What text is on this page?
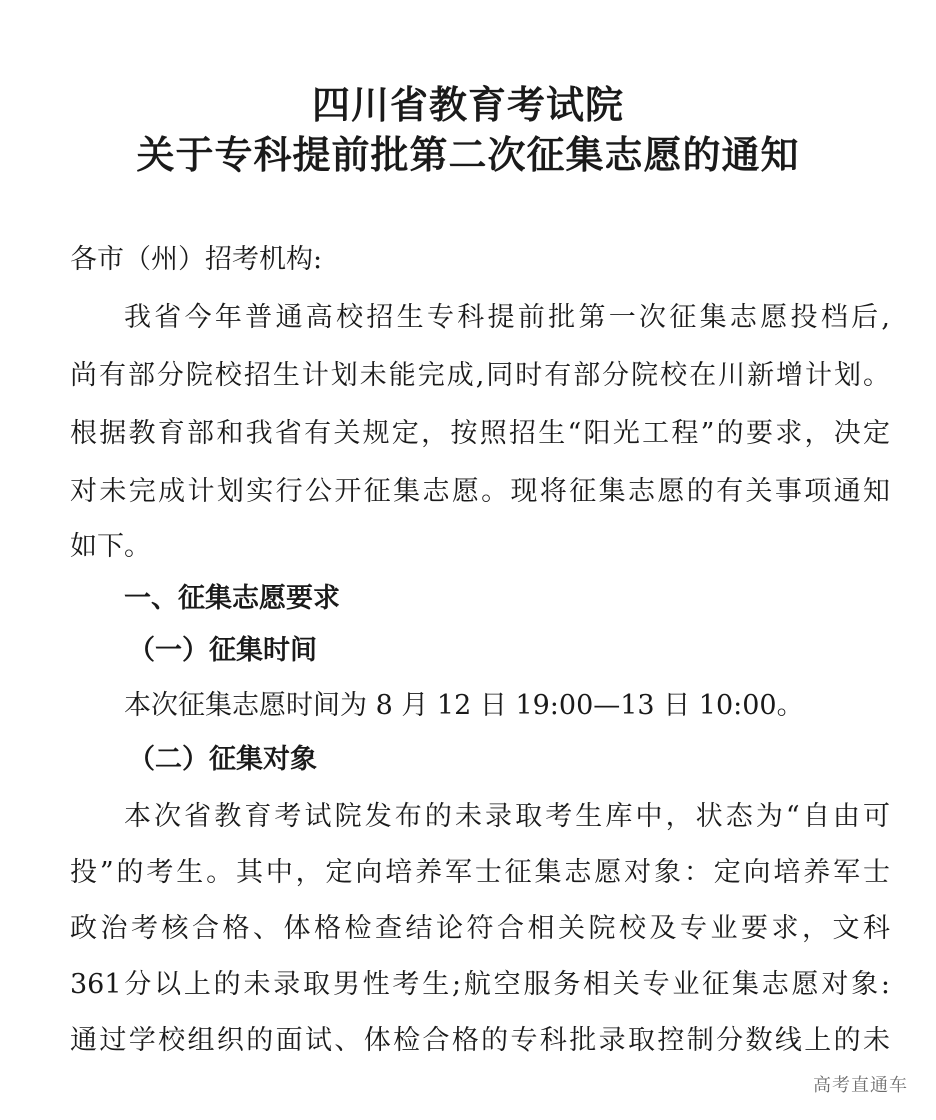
四川省教育考试院
关于专科提前批第二次征集志愿的通知
各市（州）招考机构:
我省今年普通高校招生专科提前批第一次征集志愿投档后,
尚有部分院校招生计划未能完成,同时有部分院校在川新增计划。
根据教育部和我省有关规定，按照招生“阳光工程”的要求，决定
对未完成计划实行公开征集志愿。现将征集志愿的有关事项通知
如下。
一、征集志愿要求
（一）征集时间
本次征集志愿时间为 8 月 12 日 19:00—13 日 10:00。
（二）征集对象
本次省教育考试院发布的未录取考生库中，状态为“自由可
投”的考生。其中，定向培养军士征集志愿对象：定向培养军士
政治考核合格、体格检查结论符合相关院校及专业要求，文科
361分以上的未录取男性考生;航空服务相关专业征集志愿对象:
通过学校组织的面试、体检合格的专科批录取控制分数线上的未
高考直通车
